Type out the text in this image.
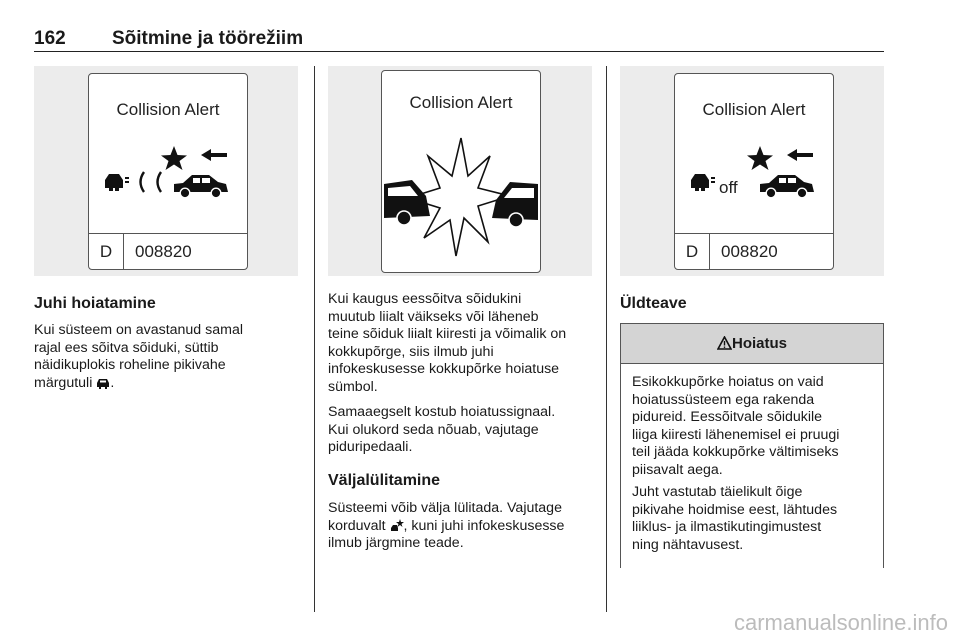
162 Sõitmine ja töörežiim
Collision Alert
D	008820
Collision Alert	Collision Alert
off
D	008820
Juhi hoiatamine
Kui süsteem on avastanud samal
rajal ees sõitva sõiduki, süttib
näidikuplokis roheline pikivahe
märgutuli .
Kui kaugus eessõitva sõidukini
muutub liialt väikseks või läheneb
teine sõiduk liialt kiiresti ja võimalik on
kokkupõrge, siis ilmub juhi
infokeskusesse kokkupõrke hoiatuse
sümbol.
Samaaegselt kostub hoiatussignaal.
Kui olukord seda nõuab, vajutage
piduripedaali.
Väljalülitamine
Süsteemi võib välja lülitada. Vajutage
korduvalt , kuni juhi infokeskusesse
ilmub järgmine teade.
Üldteave
Hoiatus

Esikokkupõrke hoiatus on vaid
hoiatussüsteem ega rakenda
pidureid. Eessõitvale sõidukile
liiga kiiresti lähenemisel ei pruugi
teil jääda kokkupõrke vältimiseks
piisavalt aega.

Juht vastutab täielikult õige
pikivahe hoidmise eest, lähtudes
liiklus- ja ilmastikutingimustest
ning nähtavusest.

carmanualsonline.info
